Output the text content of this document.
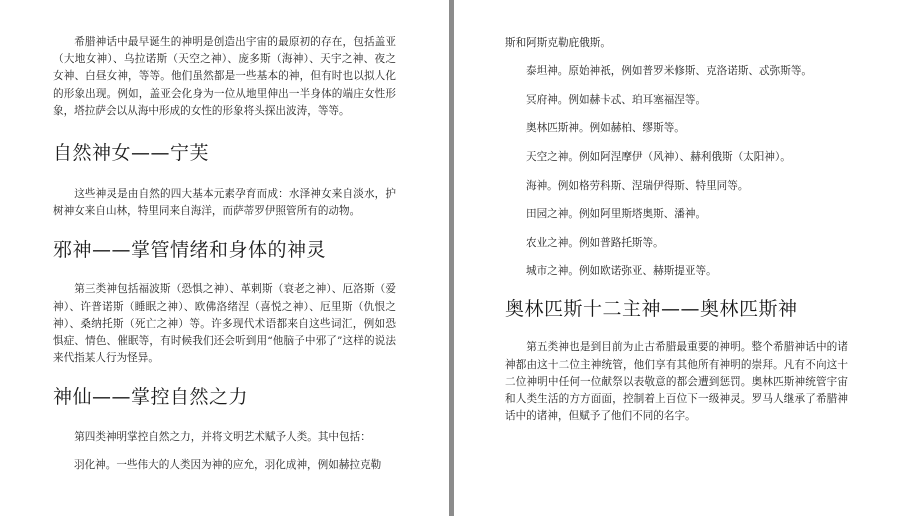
希腊神话中最早诞生的神明是创造出宇宙的最原初的存在，包括盖亚（大地女神）、乌拉诺斯（天空之神）、庞多斯（海神）、天宇之神、夜之女神、白昼女神，等等。他们虽然都是一些基本的神，但有时也以拟人化的形象出现。例如，盖亚会化身为一位从地里伸出一半身体的端庄女性形象，塔拉萨会以从海中形成的女性的形象将头探出波涛，等等。

自然神女——宁芙

这些神灵是由自然的四大基本元素孕育而成：水泽神女来自淡水，护树神女来自山林，特里同来自海洋，而萨蒂罗伊照管所有的动物。

邪神——掌管情绪和身体的神灵

第三类神包括福波斯（恐惧之神）、革剌斯（衰老之神）、厄洛斯（爱神）、许普诺斯（睡眠之神）、欧佛洛绪涅（喜悦之神）、厄里斯（仇恨之神）、桑纳托斯（死亡之神）等。许多现代术语都来自这些词汇，例如恐惧症、情色、催眠等，有时候我们还会听到用“他脑子中邪了”这样的说法来代指某人行为怪异。

神仙——掌控自然之力

第四类神明掌控自然之力，并将文明艺术赋予人类。其中包括：

羽化神。一些伟大的人类因为神的应允，羽化成神，例如赫拉克勒

斯和阿斯克勒庇俄斯。

泰坦神。原始神祇，例如普罗米修斯、克洛诺斯、忒弥斯等。

冥府神。例如赫卡忒、珀耳塞福涅等。

奥林匹斯神。例如赫柏、缪斯等。

天空之神。例如阿涅摩伊（风神）、赫利俄斯（太阳神）。

海神。例如格劳科斯、涅瑞伊得斯、特里同等。

田园之神。例如阿里斯塔奥斯、潘神。

农业之神。例如普路托斯等。

城市之神。例如欧诺弥亚、赫斯提亚等。

奥林匹斯十二主神——奥林匹斯神

第五类神也是到目前为止古希腊最重要的神明。整个希腊神话中的诸神都由这十二位主神统管，他们享有其他所有神明的崇拜。凡有不向这十二位神明中任何一位献祭以表敬意的都会遭到惩罚。奥林匹斯神统管宇宙和人类生活的方方面面，控制着上百位下一级神灵。罗马人继承了希腊神话中的诸神，但赋予了他们不同的名字。
